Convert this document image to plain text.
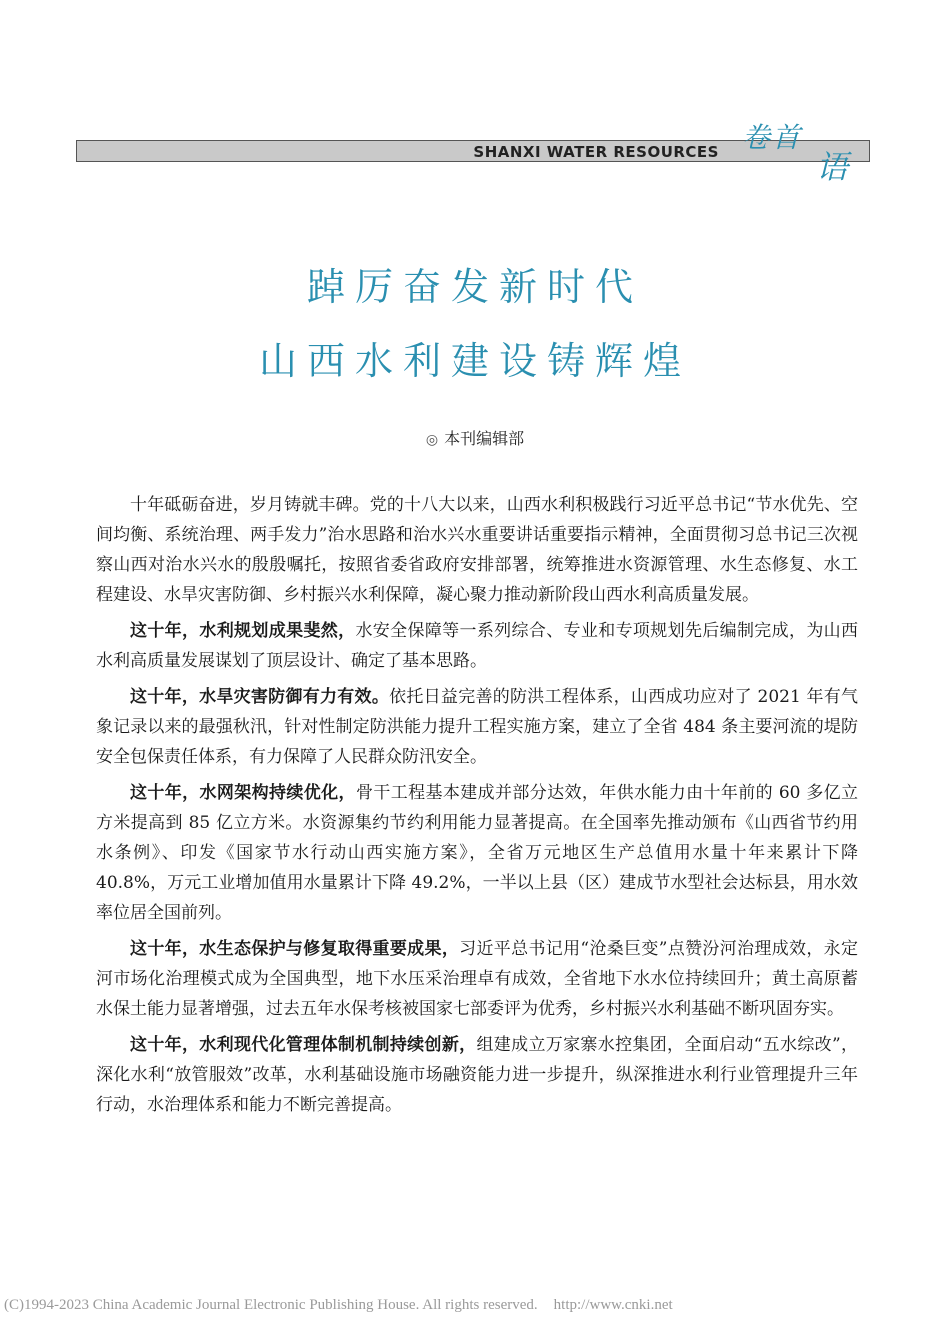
SHANXI WATER RESOURCES 卷首
语
踔厉奋发新时代
山西水利建设铸辉煌
◎ 本刊编辑部

十年砥砺奋进，岁月铸就丰碑。党的十八大以来，山西水利积极践行习近平总书记“节水优先、空间均衡、系统治理、两手发力”治水思路和治水兴水重要讲话重要指示精神，全面贯彻习总书记三次视察山西对治水兴水的殷殷嘱托，按照省委省政府安排部署，统筹推进水资源管理、水生态修复、水工程建设、水旱灾害防御、乡村振兴水利保障，凝心聚力推动新阶段山西水利高质量发展。

这十年，水利规划成果斐然，水安全保障等一系列综合、专业和专项规划先后编制完成，为山西水利高质量发展谋划了顶层设计、确定了基本思路。

这十年，水旱灾害防御有力有效。依托日益完善的防洪工程体系，山西成功应对了 2021 年有气象记录以来的最强秋汛，针对性制定防洪能力提升工程实施方案，建立了全省 484 条主要河流的堤防安全包保责任体系，有力保障了人民群众防汛安全。

这十年，水网架构持续优化，骨干工程基本建成并部分达效，年供水能力由十年前的 60 多亿立方米提高到 85 亿立方米。水资源集约节约利用能力显著提高。在全国率先推动颁布《山西省节约用水条例》、印发《国家节水行动山西实施方案》，全省万元地区生产总值用水量十年来累计下降 40.8%，万元工业增加值用水量累计下降 49.2%，一半以上县（区）建成节水型社会达标县，用水效率位居全国前列。

这十年，水生态保护与修复取得重要成果，习近平总书记用“沧桑巨变”点赞汾河治理成效，永定河市场化治理模式成为全国典型，地下水压采治理卓有成效，全省地下水水位持续回升；黄土高原蓄水保土能力显著增强，过去五年水保考核被国家七部委评为优秀，乡村振兴水利基础不断巩固夯实。

这十年，水利现代化管理体制机制持续创新，组建成立万家寨水控集团，全面启动“五水综改”，深化水利“放管服效”改革，水利基础设施市场融资能力进一步提升，纵深推进水利行业管理提升三年行动，水治理体系和能力不断完善提高。

(C)1994-2023 China Academic Journal Electronic Publishing House. All rights reserved. http://www.cnki.net
